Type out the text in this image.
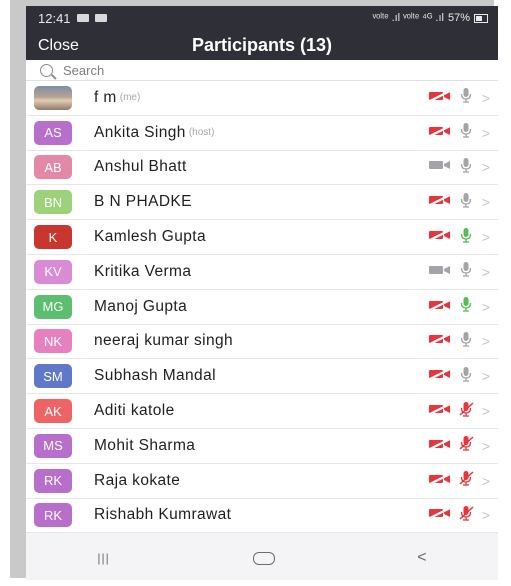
12:41	ᵛᵒˡᵗᵉ .ıl ᵛᵒˡᵗᵉ ⁴ᴳ .ıl 57%
Close	Participants (13)
Search
f m (me)	>
AS	Ankita Singh (host)	>
AB	Anshul Bhatt	>
BN	B N PHADKE	>
K	Kamlesh Gupta	>
KV	Kritika Verma	>
MG	Manoj Gupta	>
NK	neeraj kumar singh	>
SM	Subhash Mandal	>
AK	Aditi katole	>
MS	Mohit Sharma	>
RK	Raja kokate	>
RK	Rishabh Kumrawat	>
|||	<
